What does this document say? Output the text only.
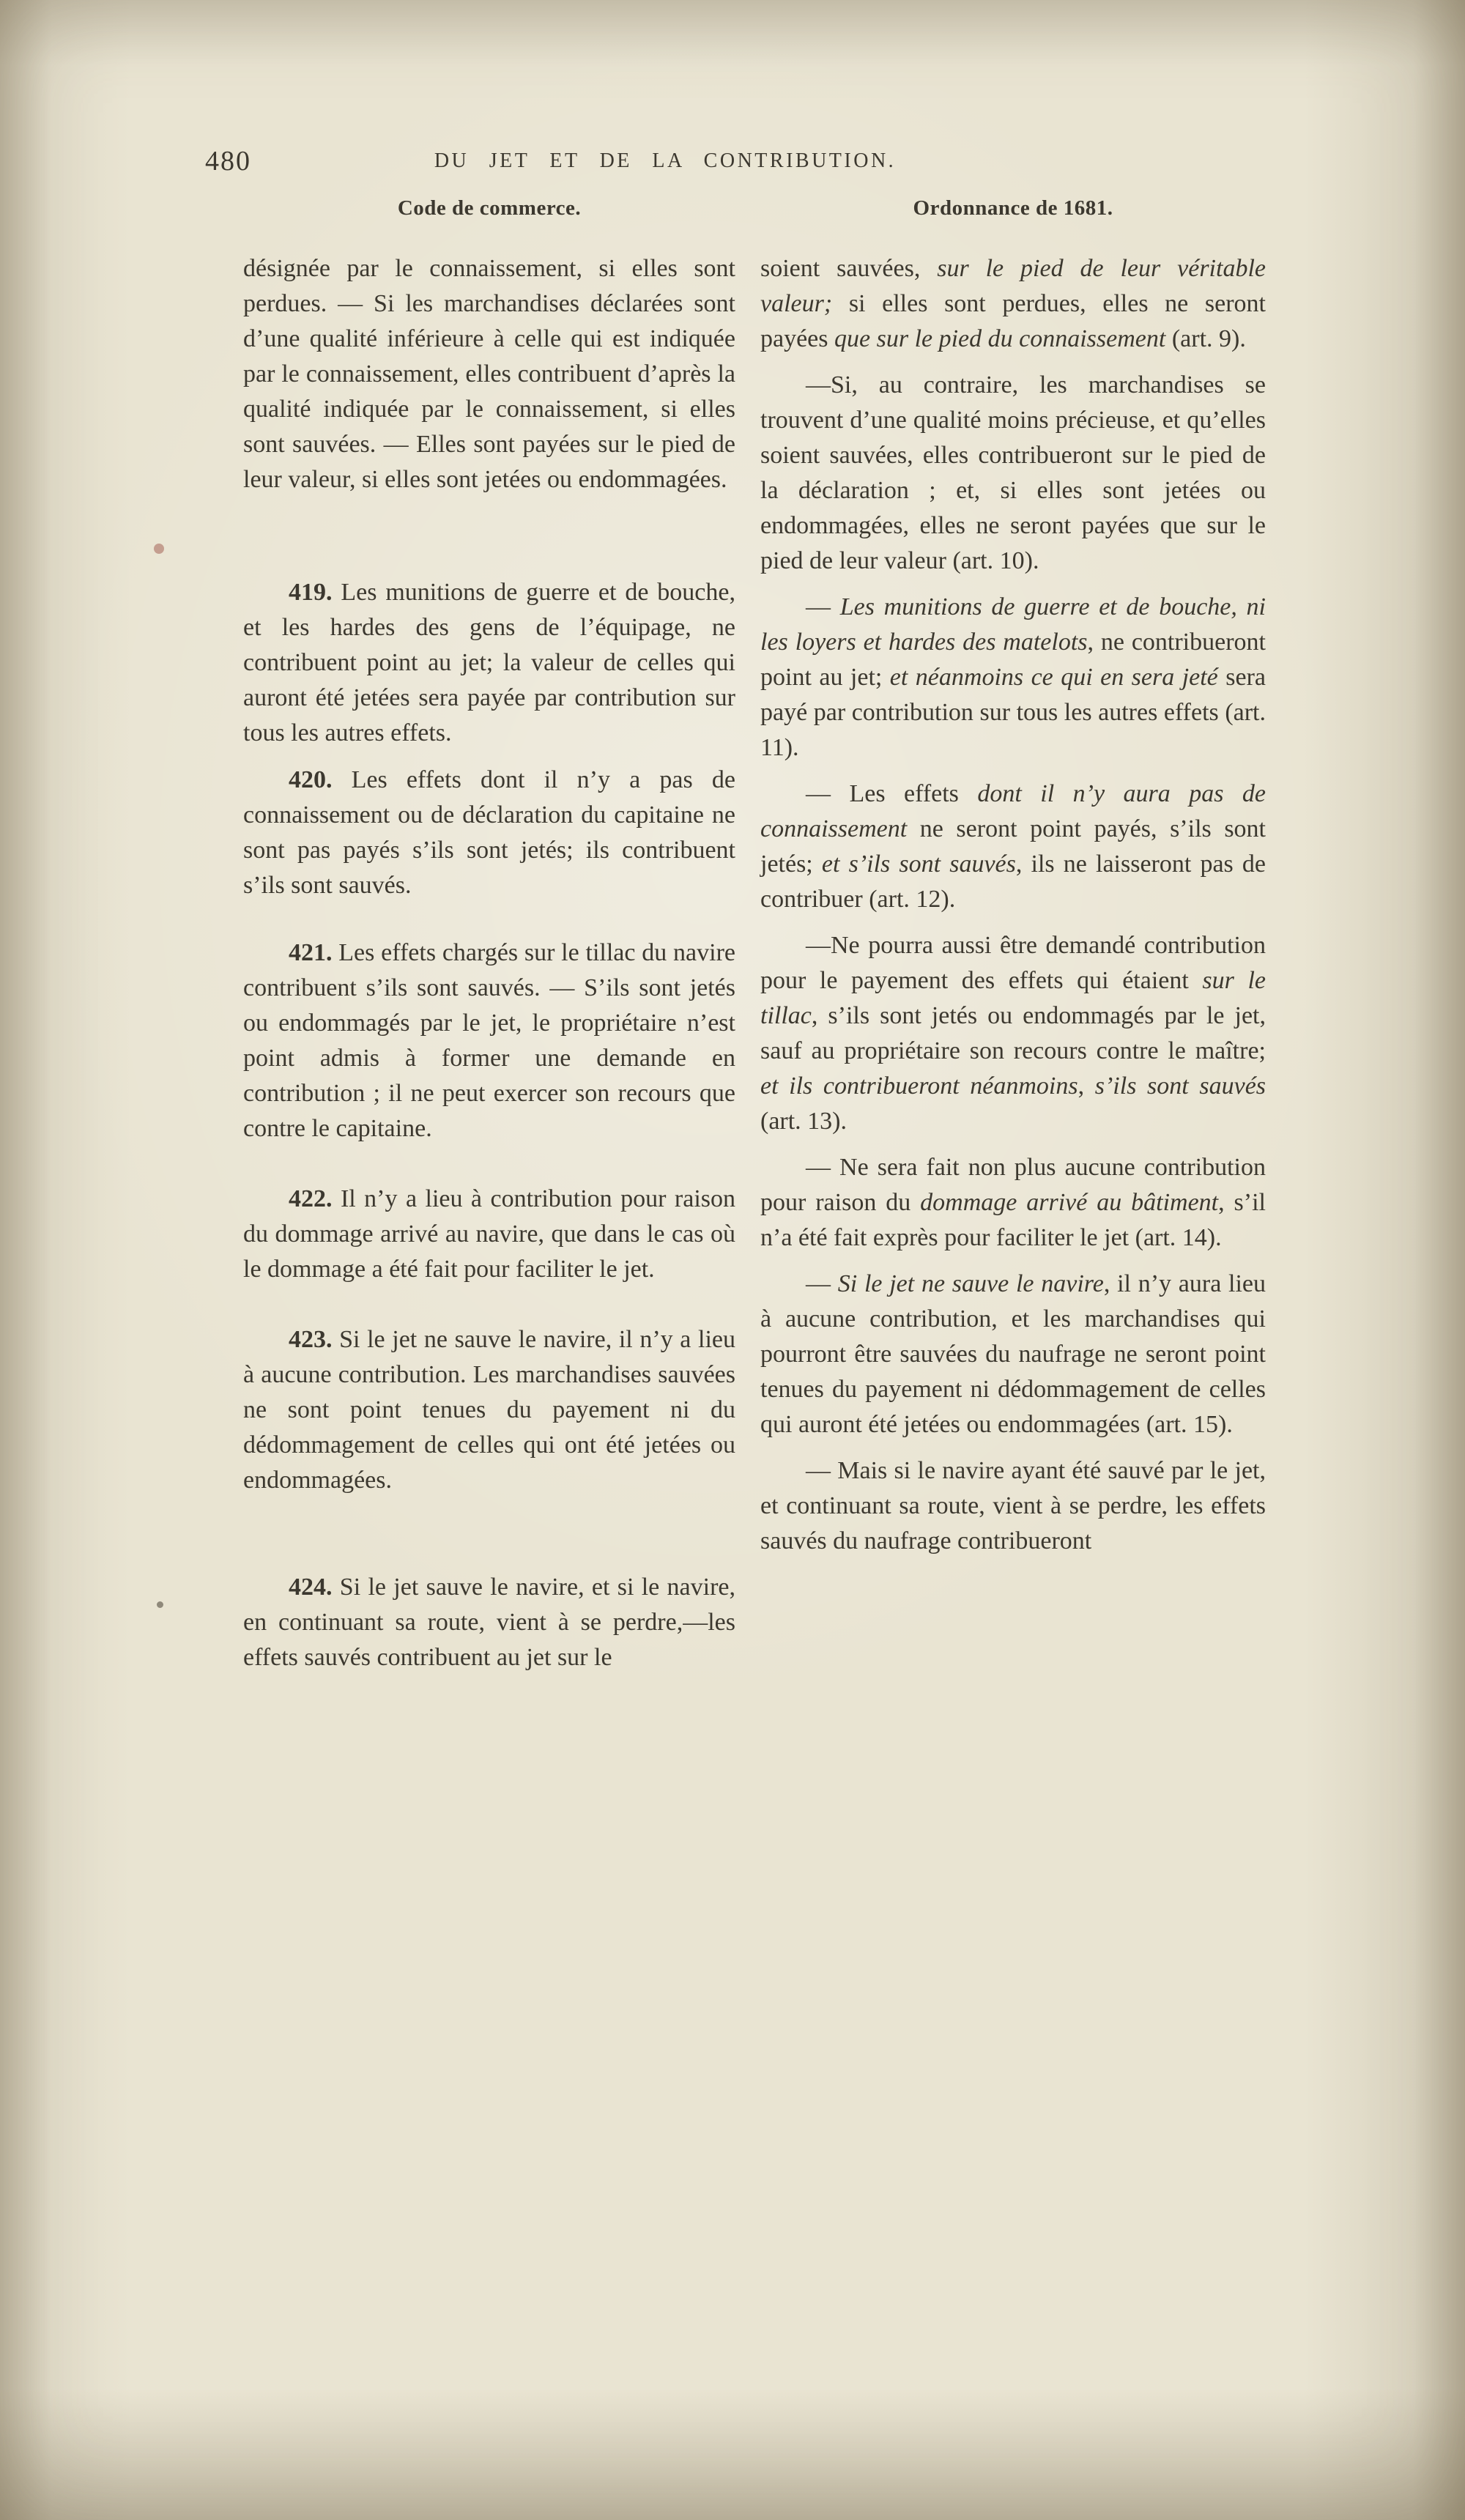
480	DU JET ET DE LA CONTRIBUTION.
Code de commerce.

désignée par le connaissement, si elles sont perdues. — Si les marchandises déclarées sont d’une qualité inférieure à celle qui est indiquée par le connaissement, elles contribuent d’après la qualité indiquée par le connaissement, si elles sont sauvées. — Elles sont payées sur le pied de leur valeur, si elles sont jetées ou endommagées.

419. Les munitions de guerre et de bouche, et les hardes des gens de l’équipage, ne contribuent point au jet; la valeur de celles qui auront été jetées sera payée par contribution sur tous les autres effets.

420. Les effets dont il n’y a pas de connaissement ou de déclaration du capitaine ne sont pas payés s’ils sont jetés; ils contribuent s’ils sont sauvés.

421. Les effets chargés sur le tillac du navire contribuent s’ils sont sauvés. — S’ils sont jetés ou endommagés par le jet, le propriétaire n’est point admis à former une demande en contribution ; il ne peut exercer son recours que contre le capitaine.

422. Il n’y a lieu à contribution pour raison du dommage arrivé au navire, que dans le cas où le dommage a été fait pour faciliter le jet.

423. Si le jet ne sauve le navire, il n’y a lieu à aucune contribution. Les marchandises sauvées ne sont point tenues du payement ni du dédommagement de celles qui ont été jetées ou endommagées.

424. Si le jet sauve le navire, et si le navire, en continuant sa route, vient à se perdre,—les effets sauvés contribuent au jet sur le

Ordonnance de 1681.

soient sauvées, sur le pied de leur véritable valeur; si elles sont perdues, elles ne seront payées que sur le pied du connaissement (art. 9).

—Si, au contraire, les marchandises se trouvent d’une qualité moins précieuse, et qu’elles soient sauvées, elles contribueront sur le pied de la déclaration ; et, si elles sont jetées ou endommagées, elles ne seront payées que sur le pied de leur valeur (art. 10).

— Les munitions de guerre et de bouche, ni les loyers et hardes des matelots, ne contribueront point au jet; et néanmoins ce qui en sera jeté sera payé par contribution sur tous les autres effets (art. 11).

— Les effets dont il n’y aura pas de connaissement ne seront point payés, s’ils sont jetés; et s’ils sont sauvés, ils ne laisseront pas de contribuer (art. 12).

—Ne pourra aussi être demandé contribution pour le payement des effets qui étaient sur le tillac, s’ils sont jetés ou endommagés par le jet, sauf au propriétaire son recours contre le maître; et ils contribueront néanmoins, s’ils sont sauvés (art. 13).

— Ne sera fait non plus aucune contribution pour raison du dommage arrivé au bâtiment, s’il n’a été fait exprès pour faciliter le jet (art. 14).

— Si le jet ne sauve le navire, il n’y aura lieu à aucune contribution, et les marchandises qui pourront être sauvées du naufrage ne seront point tenues du payement ni dédommagement de celles qui auront été jetées ou endommagées (art. 15).

— Mais si le navire ayant été sauvé par le jet, et continuant sa route, vient à se perdre, les effets sauvés du naufrage contribueront
